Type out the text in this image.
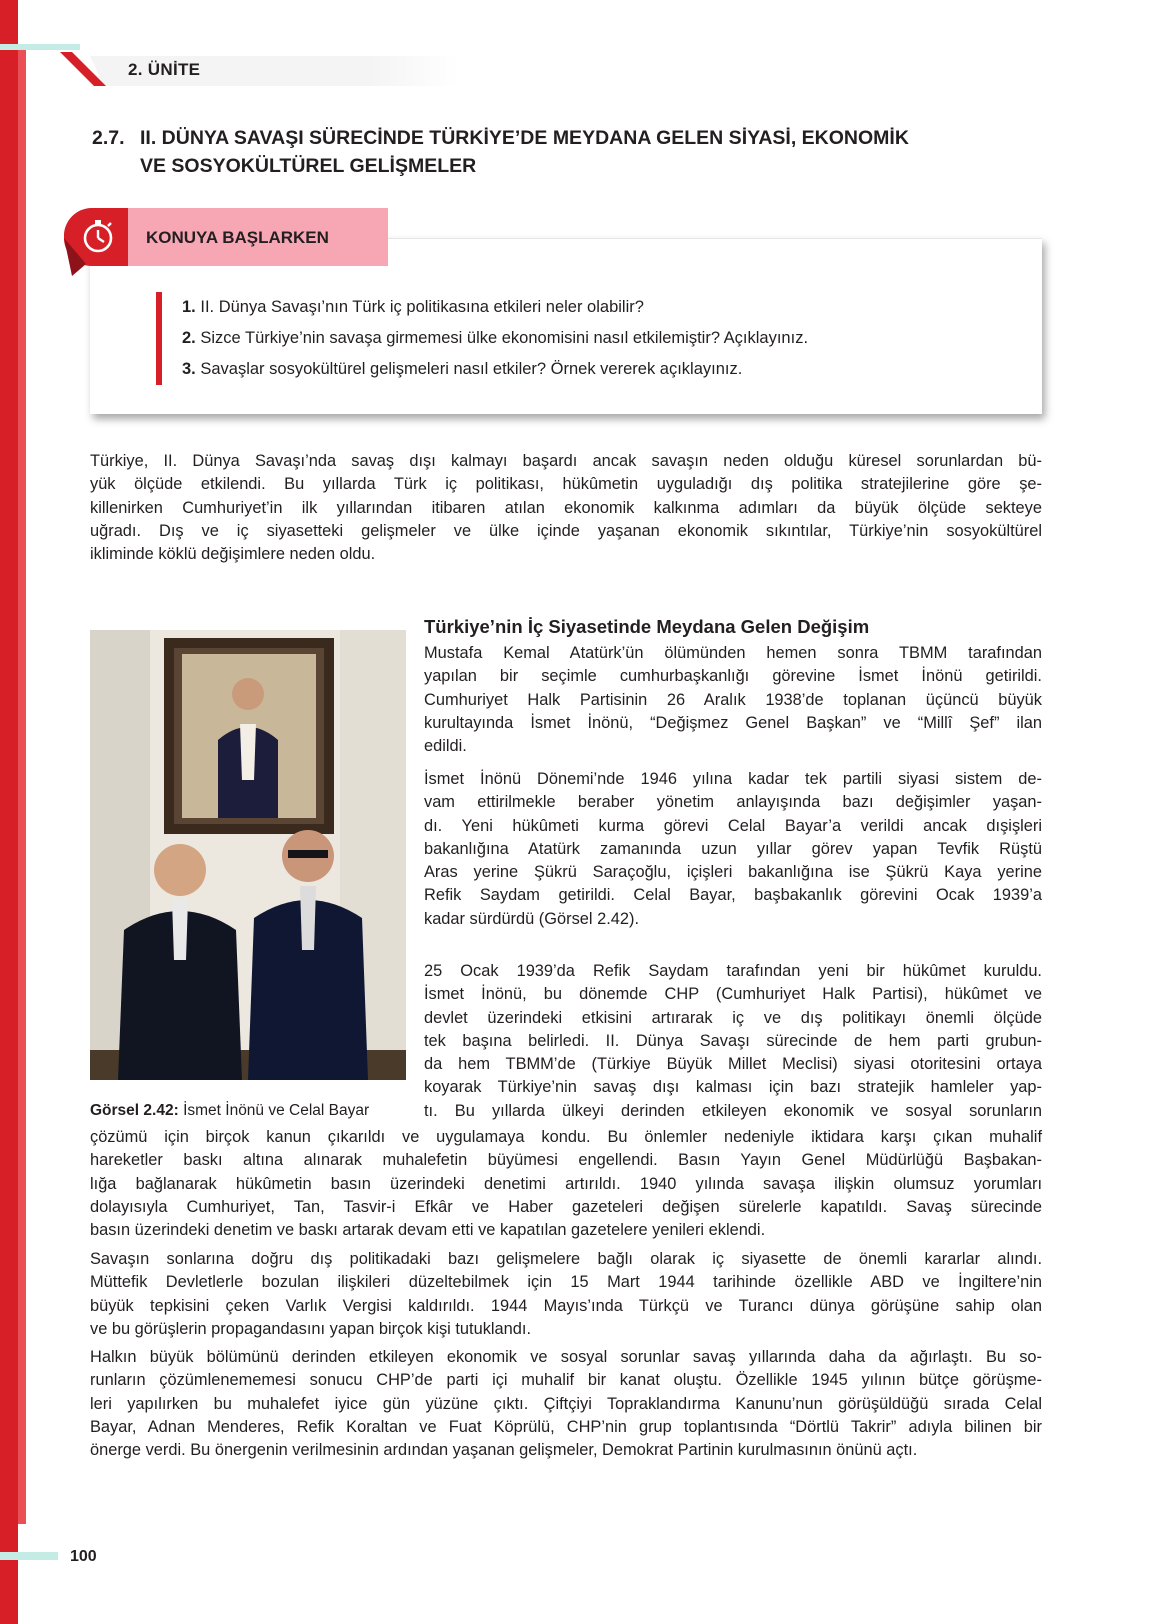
2. ÜNİTE
2.7. II. DÜNYA SAVAŞI SÜRECİNDE TÜRKİYE’DE MEYDANA GELEN SİYASİ, EKONOMİK
VE SOSYOKÜLTÜREL GELİŞMELER
KONUYA BAŞLARKEN
1. II. Dünya Savaşı’nın Türk iç politikasına etkileri neler olabilir?
2. Sizce Türkiye’nin savaşa girmemesi ülke ekonomisini nasıl etkilemiştir? Açıklayınız.
3. Savaşlar sosyokültürel gelişmeleri nasıl etkiler? Örnek vererek açıklayınız.
Türkiye, II. Dünya Savaşı’nda savaş dışı kalmayı başardı ancak savaşın neden olduğu küresel sorunlardan bü-
yük ölçüde etkilendi. Bu yıllarda Türk iç politikası, hükûmetin uyguladığı dış politika stratejilerine göre şe-
killenirken Cumhuriyet’in ilk yıllarından itibaren atılan ekonomik kalkınma adımları da büyük ölçüde sekteye
uğradı. Dış ve iç siyasetteki gelişmeler ve ülke içinde yaşanan ekonomik sıkıntılar, Türkiye’nin sosyokültürel
ikliminde köklü değişimlere neden oldu.
Görsel 2.42: İsmet İnönü ve Celal Bayar
Türkiye’nin İç Siyasetinde Meydana Gelen Değişim
Mustafa Kemal Atatürk’ün ölümünden hemen sonra TBMM tarafından
yapılan bir seçimle cumhurbaşkanlığı görevine İsmet İnönü getirildi.
Cumhuriyet Halk Partisinin 26 Aralık 1938’de toplanan üçüncü büyük
kurultayında İsmet İnönü, “Değişmez Genel Başkan” ve “Millî Şef” ilan
edildi.
İsmet İnönü Dönemi’nde 1946 yılına kadar tek partili siyasi sistem de-
vam ettirilmekle beraber yönetim anlayışında bazı değişimler yaşan-
dı. Yeni hükûmeti kurma görevi Celal Bayar’a verildi ancak dışişleri
bakanlığına Atatürk zamanında uzun yıllar görev yapan Tevfik Rüştü
Aras yerine Şükrü Saraçoğlu, içişleri bakanlığına ise Şükrü Kaya yerine
Refik Saydam getirildi. Celal Bayar, başbakanlık görevini Ocak 1939’a
kadar sürdürdü (Görsel 2.42).
25 Ocak 1939’da Refik Saydam tarafından yeni bir hükûmet kuruldu.
İsmet İnönü, bu dönemde CHP (Cumhuriyet Halk Partisi), hükûmet ve
devlet üzerindeki etkisini artırarak iç ve dış politikayı önemli ölçüde
tek başına belirledi. II. Dünya Savaşı sürecinde de hem parti grubun-
da hem TBMM’de (Türkiye Büyük Millet Meclisi) siyasi otoritesini ortaya
koyarak Türkiye’nin savaş dışı kalması için bazı stratejik hamleler yap-
tı. Bu yıllarda ülkeyi derinden etkileyen ekonomik ve sosyal sorunların
çözümü için birçok kanun çıkarıldı ve uygulamaya kondu. Bu önlemler nedeniyle iktidara karşı çıkan muhalif
hareketler baskı altına alınarak muhalefetin büyümesi engellendi. Basın Yayın Genel Müdürlüğü Başbakan-
lığa bağlanarak hükûmetin basın üzerindeki denetimi artırıldı. 1940 yılında savaşa ilişkin olumsuz yorumları
dolayısıyla Cumhuriyet, Tan, Tasvir-i Efkâr ve Haber gazeteleri değişen sürelerle kapatıldı. Savaş sürecinde
basın üzerindeki denetim ve baskı artarak devam etti ve kapatılan gazetelere yenileri eklendi.
Savaşın sonlarına doğru dış politikadaki bazı gelişmelere bağlı olarak iç siyasette de önemli kararlar alındı.
Müttefik Devletlerle bozulan ilişkileri düzeltebilmek için 15 Mart 1944 tarihinde özellikle ABD ve İngiltere’nin
büyük tepkisini çeken Varlık Vergisi kaldırıldı. 1944 Mayıs’ında Türkçü ve Turancı dünya görüşüne sahip olan
ve bu görüşlerin propagandasını yapan birçok kişi tutuklandı.
Halkın büyük bölümünü derinden etkileyen ekonomik ve sosyal sorunlar savaş yıllarında daha da ağırlaştı. Bu so-
runların çözümlenememesi sonucu CHP’de parti içi muhalif bir kanat oluştu. Özellikle 1945 yılının bütçe görüşme-
leri yapılırken bu muhalefet iyice gün yüzüne çıktı. Çiftçiyi Topraklandırma Kanunu’nun görüşüldüğü sırada Celal
Bayar, Adnan Menderes, Refik Koraltan ve Fuat Köprülü, CHP’nin grup toplantısında “Dörtlü Takrir” adıyla bilinen bir
önerge verdi. Bu önergenin verilmesinin ardından yaşanan gelişmeler, Demokrat Partinin kurulmasının önünü açtı.
100
